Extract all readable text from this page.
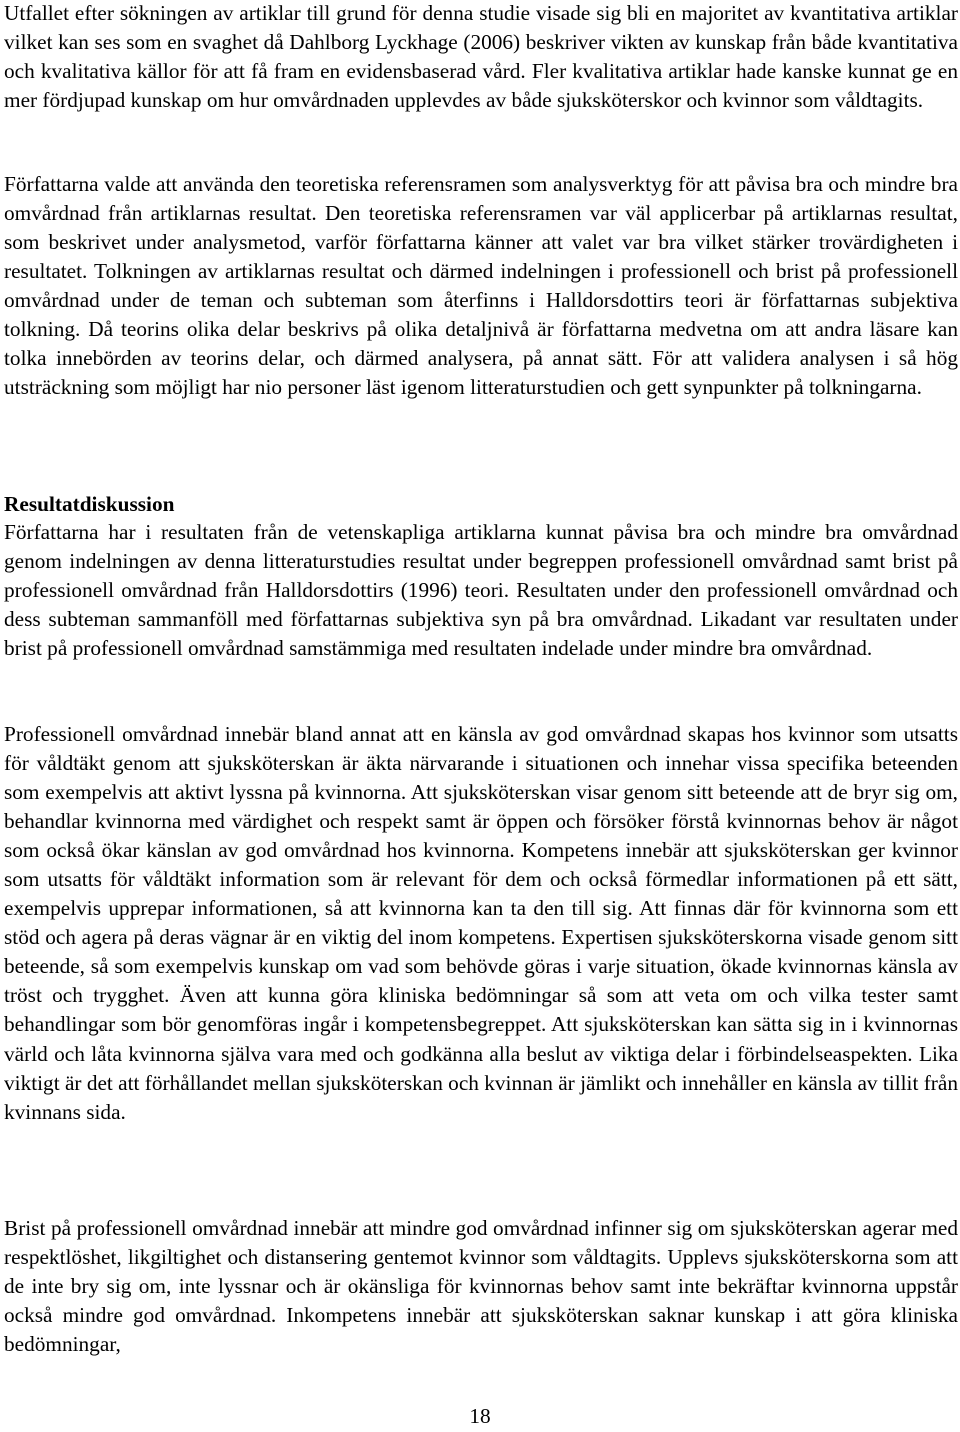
Utfallet efter sökningen av artiklar till grund för denna studie visade sig bli en majoritet av kvantitativa artiklar vilket kan ses som en svaghet då Dahlborg Lyckhage (2006) beskriver vikten av kunskap från både kvantitativa och kvalitativa källor för att få fram en evidensbaserad vård. Fler kvalitativa artiklar hade kanske kunnat ge en mer fördjupad kunskap om hur omvårdnaden upplevdes av både sjuksköterskor och kvinnor som våldtagits.

Författarna valde att använda den teoretiska referensramen som analysverktyg för att påvisa bra och mindre bra omvårdnad från artiklarnas resultat. Den teoretiska referensramen var väl applicerbar på artiklarnas resultat, som beskrivet under analysmetod, varför författarna känner att valet var bra vilket stärker trovärdigheten i resultatet. Tolkningen av artiklarnas resultat och därmed indelningen i professionell och brist på professionell omvårdnad under de teman och subteman som återfinns i Halldorsdottirs teori är författarnas subjektiva tolkning. Då teorins olika delar beskrivs på olika detaljnivå är författarna medvetna om att andra läsare kan tolka innebörden av teorins delar, och därmed analysera, på annat sätt. För att validera analysen i så hög utsträckning som möjligt har nio personer läst igenom litteraturstudien och gett synpunkter på tolkningarna.

Resultatdiskussion

Författarna har i resultaten från de vetenskapliga artiklarna kunnat påvisa bra och mindre bra omvårdnad genom indelningen av denna litteraturstudies resultat under begreppen professionell omvårdnad samt brist på professionell omvårdnad från Halldorsdottirs (1996) teori. Resultaten under den professionell omvårdnad och dess subteman sammanföll med författarnas subjektiva syn på bra omvårdnad. Likadant var resultaten under brist på professionell omvårdnad samstämmiga med resultaten indelade under mindre bra omvårdnad.

Professionell omvårdnad innebär bland annat att en känsla av god omvårdnad skapas hos kvinnor som utsatts för våldtäkt genom att sjuksköterskan är äkta närvarande i situationen och innehar vissa specifika beteenden som exempelvis att aktivt lyssna på kvinnorna. Att sjuksköterskan visar genom sitt beteende att de bryr sig om, behandlar kvinnorna med värdighet och respekt samt är öppen och försöker förstå kvinnornas behov är något som också ökar känslan av god omvårdnad hos kvinnorna. Kompetens innebär att sjuksköterskan ger kvinnor som utsatts för våldtäkt information som är relevant för dem och också förmedlar informationen på ett sätt, exempelvis upprepar informationen, så att kvinnorna kan ta den till sig. Att finnas där för kvinnorna som ett stöd och agera på deras vägnar är en viktig del inom kompetens. Expertisen sjuksköterskorna visade genom sitt beteende, så som exempelvis kunskap om vad som behövde göras i varje situation, ökade kvinnornas känsla av tröst och trygghet. Även att kunna göra kliniska bedömningar så som att veta om och vilka tester samt behandlingar som bör genomföras ingår i kompetensbegreppet. Att sjuksköterskan kan sätta sig in i kvinnornas värld och låta kvinnorna själva vara med och godkänna alla beslut av viktiga delar i förbindelseaspekten. Lika viktigt är det att förhållandet mellan sjuksköterskan och kvinnan är jämlikt och innehåller en känsla av tillit från kvinnans sida.

Brist på professionell omvårdnad innebär att mindre god omvårdnad infinner sig om sjuksköterskan agerar med respektlöshet, likgiltighet och distansering gentemot kvinnor som våldtagits. Upplevs sjuksköterskorna som att de inte bry sig om, inte lyssnar och är okänsliga för kvinnornas behov samt inte bekräftar kvinnorna uppstår också mindre god omvårdnad. Inkompetens innebär att sjuksköterskan saknar kunskap i att göra kliniska bedömningar,

18
